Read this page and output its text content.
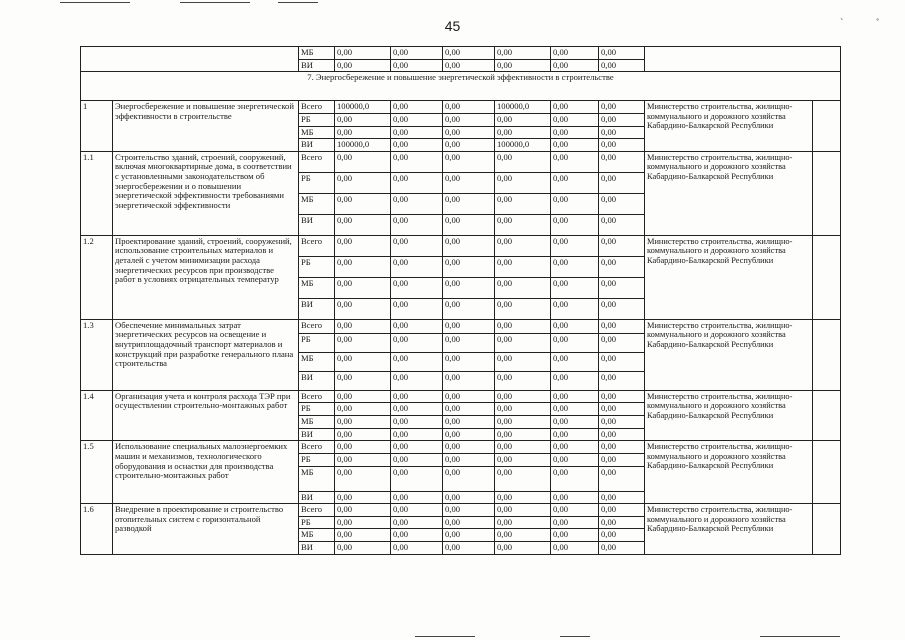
`	˚
45
		МБ	0,00	0,00	0,00	0,00	0,00	0,00		
		ВИ	0,00	0,00	0,00	0,00	0,00	0,00		
7. Энергосбережение и повышение энергетической эффективности в строительстве										
1	Энергосбережение и повышение энергетической эффективности в строительстве	Всего	100000,0	0,00	0,00	100000,0	0,00	0,00	Министерство строительства, жилищно-коммунального и дорожного хозяйства Кабардино-Балкарской Республики	
		РБ	0,00	0,00	0,00	0,00	0,00	0,00		
		МБ	0,00	0,00	0,00	0,00	0,00	0,00		
		ВИ	100000,0	0,00	0,00	100000,0	0,00	0,00		
1.1	Строительство зданий, строений, сооружений, включая многоквартирные дома, в соответствии с установленными законодательством об энергосбережении и о повышении энергетической эффективности требованиями энергетической эффективности	Всего	0,00	0,00	0,00	0,00	0,00	0,00	Министерство строительства, жилищно-коммунального и дорожного хозяйства Кабардино-Балкарской Республики	
		РБ	0,00	0,00	0,00	0,00	0,00	0,00		
		МБ	0,00	0,00	0,00	0,00	0,00	0,00		
		ВИ	0,00	0,00	0,00	0,00	0,00	0,00		
1.2	Проектирование зданий, строений, сооружений, использование строительных материалов и деталей с учетом минимизации расхода энергетических ресурсов при производстве работ в условиях отрицательных температур	Всего	0,00	0,00	0,00	0,00	0,00	0,00	Министерство строительства, жилищно-коммунального и дорожного хозяйства Кабардино-Балкарской Республики	
		РБ	0,00	0,00	0,00	0,00	0,00	0,00		
		МБ	0,00	0,00	0,00	0,00	0,00	0,00		
		ВИ	0,00	0,00	0,00	0,00	0,00	0,00		
1.3	Обеспечение минимальных затрат энергетических ресурсов на освещение и внутриплощадочный транспорт материалов и конструкций при разработке генерального плана строительства	Всего	0,00	0,00	0,00	0,00	0,00	0,00	Министерство строительства, жилищно-коммунального и дорожного хозяйства Кабардино-Балкарской Республики	
		РБ	0,00	0,00	0,00	0,00	0,00	0,00		
		МБ	0,00	0,00	0,00	0,00	0,00	0,00		
		ВИ	0,00	0,00	0,00	0,00	0,00	0,00		
1.4	Организация учета и контроля расхода ТЭР при осуществлении строительно-монтажных работ	Всего	0,00	0,00	0,00	0,00	0,00	0,00	Министерство строительства, жилищно-коммунального и дорожного хозяйства Кабардино-Балкарской Республики	
		РБ	0,00	0,00	0,00	0,00	0,00	0,00		
		МБ	0,00	0,00	0,00	0,00	0,00	0,00		
		ВИ	0,00	0,00	0,00	0,00	0,00	0,00		
1.5	Использование специальных малоэнергоемких машин и механизмов, технологического оборудования и оснастки для производства строительно-монтажных работ	Всего	0,00	0,00	0,00	0,00	0,00	0,00	Министерство строительства, жилищно-коммунального и дорожного хозяйства Кабардино-Балкарской Республики	
		РБ	0,00	0,00	0,00	0,00	0,00	0,00		
		МБ	0,00	0,00	0,00	0,00	0,00	0,00		
		ВИ	0,00	0,00	0,00	0,00	0,00	0,00		
1.6	Внедрение в проектирование и строительство отопительных систем с горизонтальной разводкой	Всего	0,00	0,00	0,00	0,00	0,00	0,00	Министерство строительства, жилищно-коммунального и дорожного хозяйства Кабардино-Балкарской Республики	
		РБ	0,00	0,00	0,00	0,00	0,00	0,00		
		МБ	0,00	0,00	0,00	0,00	0,00	0,00		
		ВИ	0,00	0,00	0,00	0,00	0,00	0,00		
